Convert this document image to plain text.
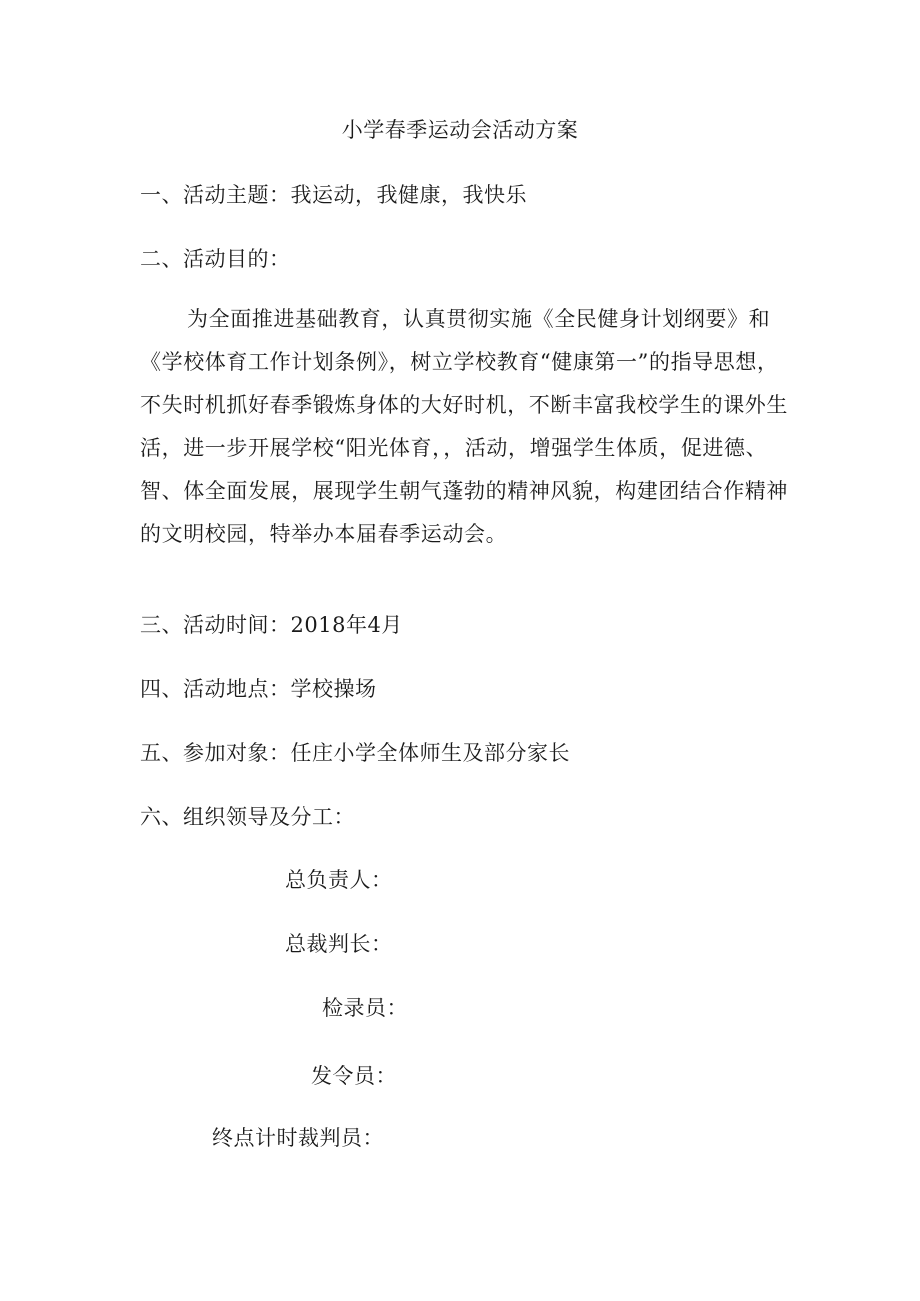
小学春季运动会活动方案
一、活动主题：我运动，我健康，我快乐
二、活动目的：
为全面推进基础教育，认真贯彻实施《全民健身计划纲要》和
《学校体育工作计划条例》，树立学校教育“健康第一”的指导思想，
不失时机抓好春季锻炼身体的大好时机，不断丰富我校学生的课外生
活，进一步开展学校“阳光体育，，活动，增强学生体质，促进德、
智、体全面发展，展现学生朝气蓬勃的精神风貌，构建团结合作精神
的文明校园，特举办本届春季运动会。
三、活动时间：2018年4月
四、活动地点：学校操场
五、参加对象：任庄小学全体师生及部分家长
六、组织领导及分工：
总负责人：
总裁判长：
检录员：
发令员：
终点计时裁判员：
